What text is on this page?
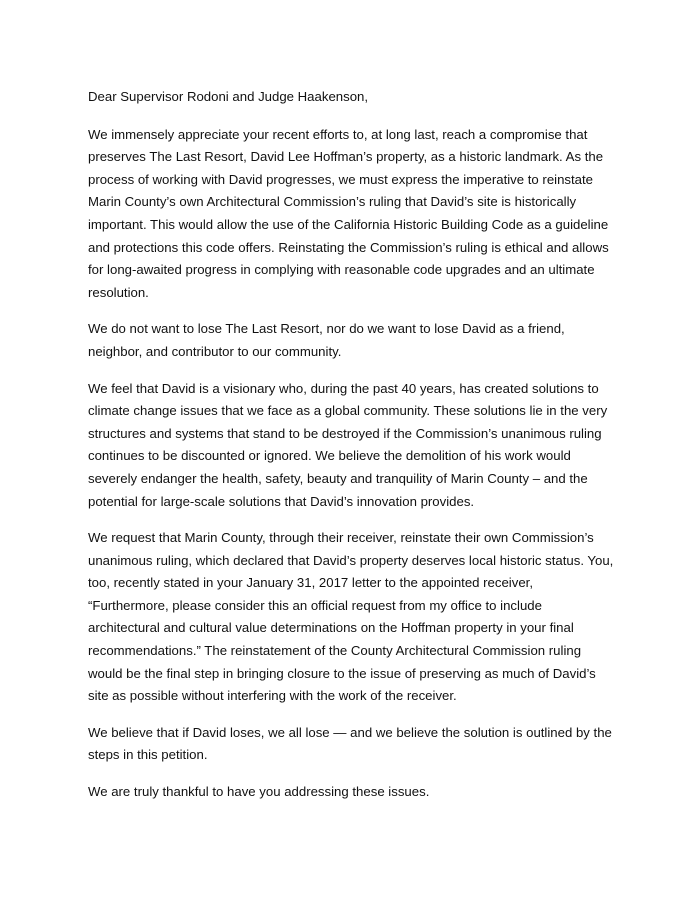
Dear Supervisor Rodoni and Judge Haakenson,

We immensely appreciate your recent efforts to, at long last, reach a compromise that preserves The Last Resort, David Lee Hoffman’s property, as a historic landmark. As the process of working with David progresses, we must express the imperative to reinstate Marin County’s own Architectural Commission’s ruling that David’s site is historically important. This would allow the use of the California Historic Building Code as a guideline and protections this code offers. Reinstating the Commission’s ruling is ethical and allows for long-awaited progress in complying with reasonable code upgrades and an ultimate resolution.

We do not want to lose The Last Resort, nor do we want to lose David as a friend, neighbor, and contributor to our community.

We feel that David is a visionary who, during the past 40 years, has created solutions to climate change issues that we face as a global community. These solutions lie in the very structures and systems that stand to be destroyed if the Commission’s unanimous ruling continues to be discounted or ignored. We believe the demolition of his work would severely endanger the health, safety, beauty and tranquility of Marin County – and the potential for large-scale solutions that David’s innovation provides.

We request that Marin County, through their receiver, reinstate their own Commission’s unanimous ruling, which declared that David’s property deserves local historic status. You, too, recently stated in your January 31, 2017 letter to the appointed receiver, “Furthermore, please consider this an official request from my office to include architectural and cultural value determinations on the Hoffman property in your final recommendations.” The reinstatement of the County Architectural Commission ruling would be the final step in bringing closure to the issue of preserving as much of David’s site as possible without interfering with the work of the receiver.

We believe that if David loses, we all lose — and we believe the solution is outlined by the steps in this petition.

We are truly thankful to have you addressing these issues.
